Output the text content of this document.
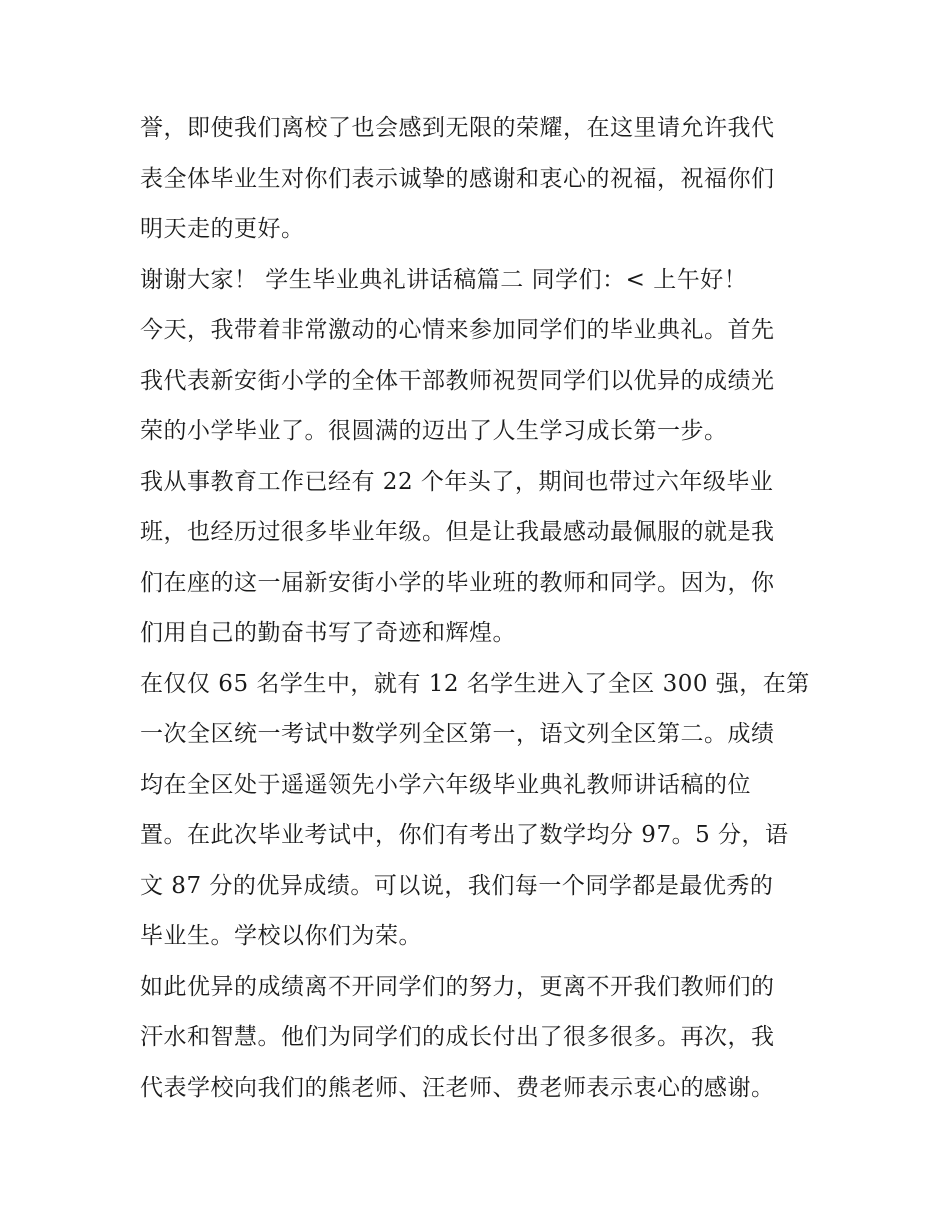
誉，即使我们离校了也会感到无限的荣耀，在这里请允许我代
表全体毕业生对你们表示诚挚的感谢和衷心的祝福，祝福你们
明天走的更好。
谢谢大家！ 学生毕业典礼讲话稿篇二 同学们：< 上午好！
今天，我带着非常激动的心情来参加同学们的毕业典礼。首先
我代表新安街小学的全体干部教师祝贺同学们以优异的成绩光
荣的小学毕业了。很圆满的迈出了人生学习成长第一步。
我从事教育工作已经有 22 个年头了，期间也带过六年级毕业
班，也经历过很多毕业年级。但是让我最感动最佩服的就是我
们在座的这一届新安街小学的毕业班的教师和同学。因为，你
们用自己的勤奋书写了奇迹和辉煌。
在仅仅 65 名学生中，就有 12 名学生进入了全区 300 强，在第
一次全区统一考试中数学列全区第一，语文列全区第二。成绩
均在全区处于遥遥领先小学六年级毕业典礼教师讲话稿的位
置。在此次毕业考试中，你们有考出了数学均分 97。5 分，语
文 87 分的优异成绩。可以说，我们每一个同学都是最优秀的
毕业生。学校以你们为荣。
如此优异的成绩离不开同学们的努力，更离不开我们教师们的
汗水和智慧。他们为同学们的成长付出了很多很多。再次，我
代表学校向我们的熊老师、汪老师、费老师表示衷心的感谢。
